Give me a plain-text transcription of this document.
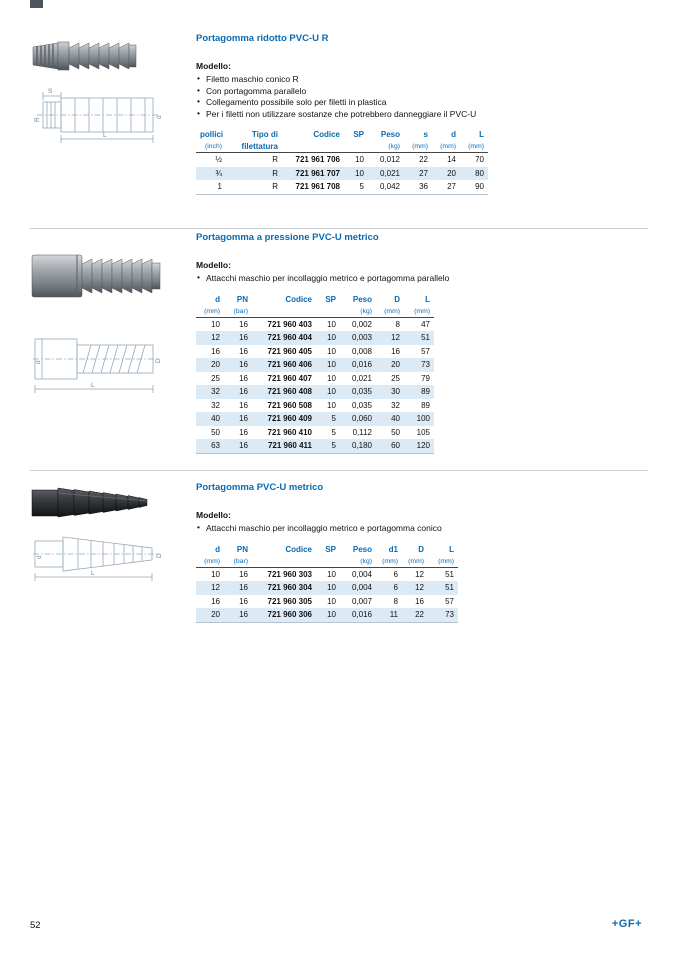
S
R
L
d
Portagomma ridotto PVC-U R
Modello:
• Filetto maschio conico R
• Con portagomma parallelo
• Collegamento possibile solo per filetti in plastica
• Per i filetti non utilizzare sostanze che potrebbero danneggiare il PVC-U
pollici	Tipo di	Codice	SP	Peso	s	d	L
(inch)	filettatura			(kg)	(mm)	(mm)	(mm)
½	R	721 961 706	10	0,012	22	14	70
¾	R	721 961 707	10	0,021	27	20	80
1	R	721 961 708	5	0,042	36	27	90
d	D
L
Portagomma a pressione PVC-U metrico
Modello:
• Attacchi maschio per incollaggio metrico e portagomma parallelo
d	PN	Codice	SP	Peso	D	L
(mm)	(bar)			(kg)	(mm)	(mm)
10	16	721 960 403	10	0,002	8	47
12	16	721 960 404	10	0,003	12	51
16	16	721 960 405	10	0,008	16	57
20	16	721 960 406	10	0,016	20	73
25	16	721 960 407	10	0,021	25	79
32	16	721 960 408	10	0,035	30	89
32	16	721 960 508	10	0,035	32	89
40	16	721 960 409	5	0,060	40	100
50	16	721 960 410	5	0,112	50	105
63	16	721 960 411	5	0,180	60	120
d	D
L
Portagomma PVC-U metrico
Modello:
• Attacchi maschio per incollaggio metrico e portagomma conico
d	PN	Codice	SP	Peso	d1	D	L
(mm)	(bar)			(kg)	(mm)	(mm)	(mm)
10	16	721 960 303	10	0,004	6	12	51
12	16	721 960 304	10	0,004	6	12	51
16	16	721 960 305	10	0,007	8	16	57
20	16	721 960 306	10	0,016	11	22	73
52	+GF+
